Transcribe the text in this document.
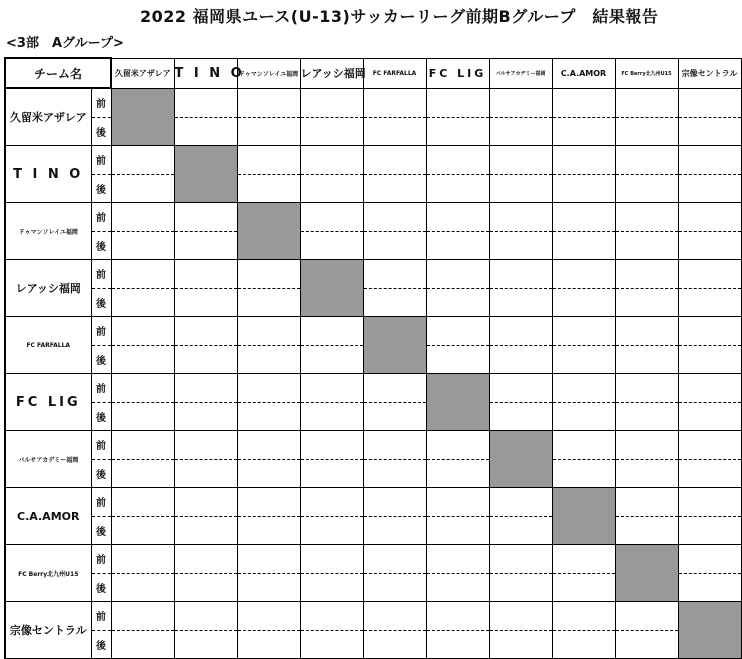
2022 福岡県ユース(U-13)サッカーリーグ前期Bグループ　結果報告
<3部　Aグループ>
チーム名		久留米アザレア	T I N O	ドゥマンソレイユ福岡	レアッシ福岡	FC FARFALLA	FC LIG	バルサアカデミー福岡	C.A.AMOR	FC Berry北九州U15	宗像セントラル
久留米アザレア	前										
	後										
T I N O	前										
	後										
ドゥマンソレイユ福岡	前										
	後										
レアッシ福岡	前										
	後										
FC FARFALLA	前										
	後										
FC LIG	前										
	後										
バルサアカデミー福岡	前										
	後										
C.A.AMOR	前										
	後										
FC Berry北九州U15	前										
	後										
宗像セントラル	前										
	後										
